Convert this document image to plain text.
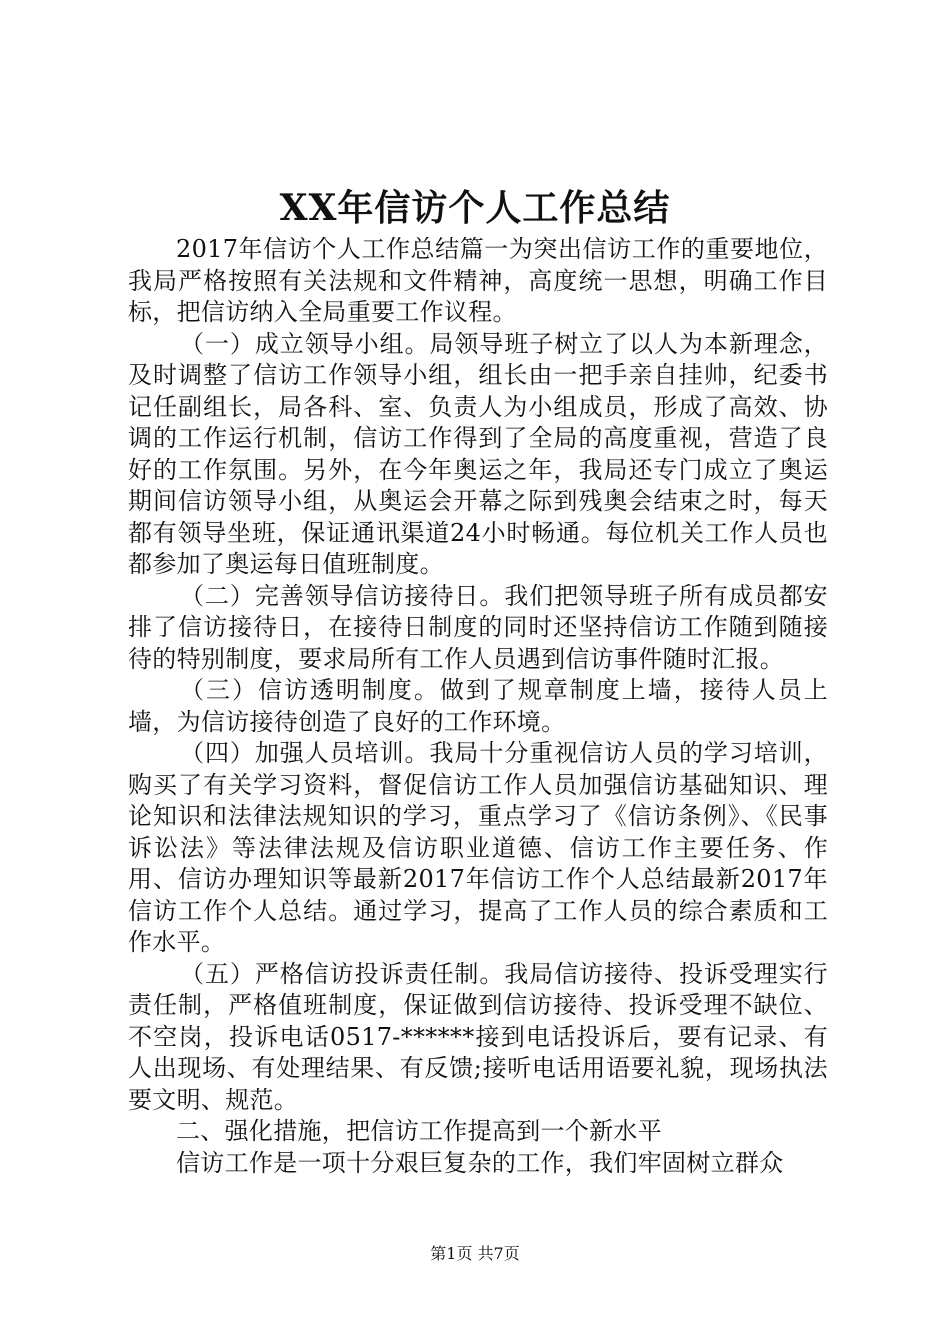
XX年信访个人工作总结

2017年信访个人工作总结篇一为突出信访工作的重要地位，我局严格按照有关法规和文件精神，高度统一思想，明确工作目标，把信访纳入全局重要工作议程。

（一）成立领导小组。局领导班子树立了以人为本新理念，及时调整了信访工作领导小组，组长由一把手亲自挂帅，纪委书记任副组长，局各科、室、负责人为小组成员，形成了高效、协调的工作运行机制，信访工作得到了全局的高度重视，营造了良好的工作氛围。另外，在今年奥运之年，我局还专门成立了奥运期间信访领导小组，从奥运会开幕之际到残奥会结束之时，每天都有领导坐班，保证通讯渠道24小时畅通。每位机关工作人员也都参加了奥运每日值班制度。

（二）完善领导信访接待日。我们把领导班子所有成员都安排了信访接待日，在接待日制度的同时还坚持信访工作随到随接待的特别制度，要求局所有工作人员遇到信访事件随时汇报。

（三）信访透明制度。做到了规章制度上墙，接待人员上墙，为信访接待创造了良好的工作环境。

（四）加强人员培训。我局十分重视信访人员的学习培训，购买了有关学习资料，督促信访工作人员加强信访基础知识、理论知识和法律法规知识的学习，重点学习了《信访条例》、《民事诉讼法》等法律法规及信访职业道德、信访工作主要任务、作用、信访办理知识等最新2017年信访工作个人总结最新2017年信访工作个人总结。通过学习，提高了工作人员的综合素质和工作水平。

（五）严格信访投诉责任制。我局信访接待、投诉受理实行责任制，严格值班制度，保证做到信访接待、投诉受理不缺位、不空岗，投诉电话0517-******接到电话投诉后，要有记录、有人出现场、有处理结果、有反馈;接听电话用语要礼貌，现场执法要文明、规范。

二、强化措施，把信访工作提高到一个新水平

信访工作是一项十分艰巨复杂的工作，我们牢固树立群众

第1页 共7页
